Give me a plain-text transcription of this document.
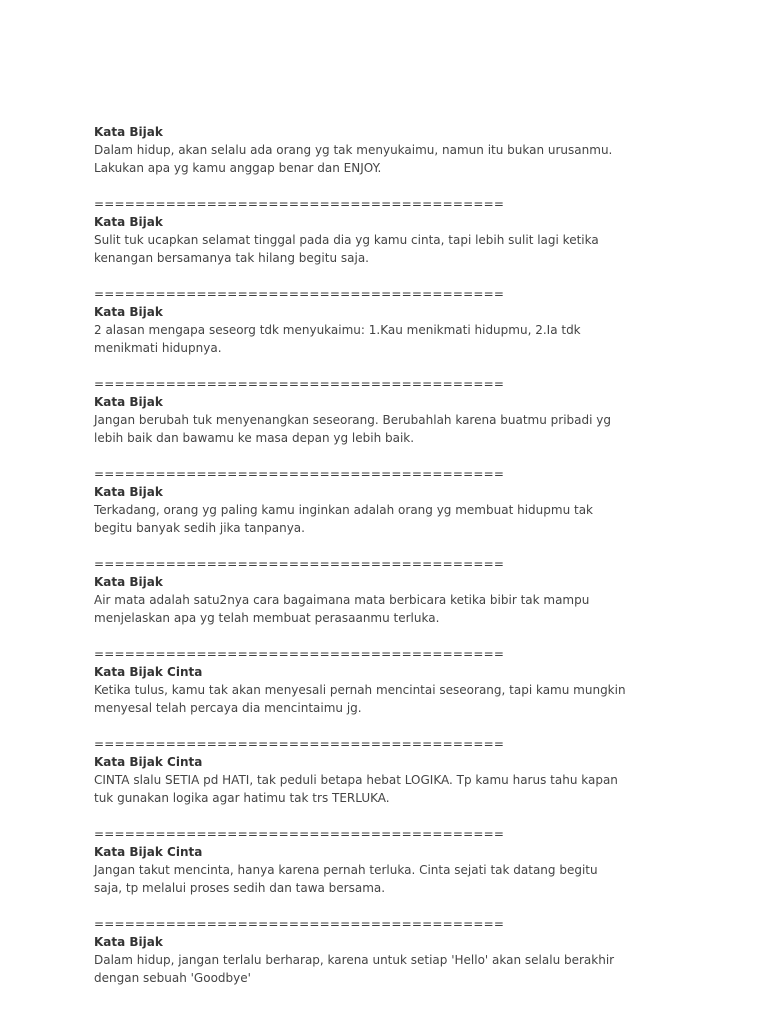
Kata Bijak
Dalam hidup, akan selalu ada orang yg tak menyukaimu, namun itu bukan urusanmu.
Lakukan apa yg kamu anggap benar dan ENJOY.
========================================
Kata Bijak
Sulit tuk ucapkan selamat tinggal pada dia yg kamu cinta, tapi lebih sulit lagi ketika
kenangan bersamanya tak hilang begitu saja.
========================================
Kata Bijak
2 alasan mengapa seseorg tdk menyukaimu: 1.Kau menikmati hidupmu, 2.Ia tdk
menikmati hidupnya.
========================================
Kata Bijak
Jangan berubah tuk menyenangkan seseorang. Berubahlah karena buatmu pribadi yg
lebih baik dan bawamu ke masa depan yg lebih baik.
========================================
Kata Bijak
Terkadang, orang yg paling kamu inginkan adalah orang yg membuat hidupmu tak
begitu banyak sedih jika tanpanya.
========================================
Kata Bijak
Air mata adalah satu2nya cara bagaimana mata berbicara ketika bibir tak mampu
menjelaskan apa yg telah membuat perasaanmu terluka.
========================================
Kata Bijak Cinta
Ketika tulus, kamu tak akan menyesali pernah mencintai seseorang, tapi kamu mungkin
menyesal telah percaya dia mencintaimu jg.
========================================
Kata Bijak Cinta
CINTA slalu SETIA pd HATI, tak peduli betapa hebat LOGIKA. Tp kamu harus tahu kapan
tuk gunakan logika agar hatimu tak trs TERLUKA.
========================================
Kata Bijak Cinta
Jangan takut mencinta, hanya karena pernah terluka. Cinta sejati tak datang begitu
saja, tp melalui proses sedih dan tawa bersama.
========================================
Kata Bijak
Dalam hidup, jangan terlalu berharap, karena untuk setiap 'Hello' akan selalu berakhir
dengan sebuah 'Goodbye'
